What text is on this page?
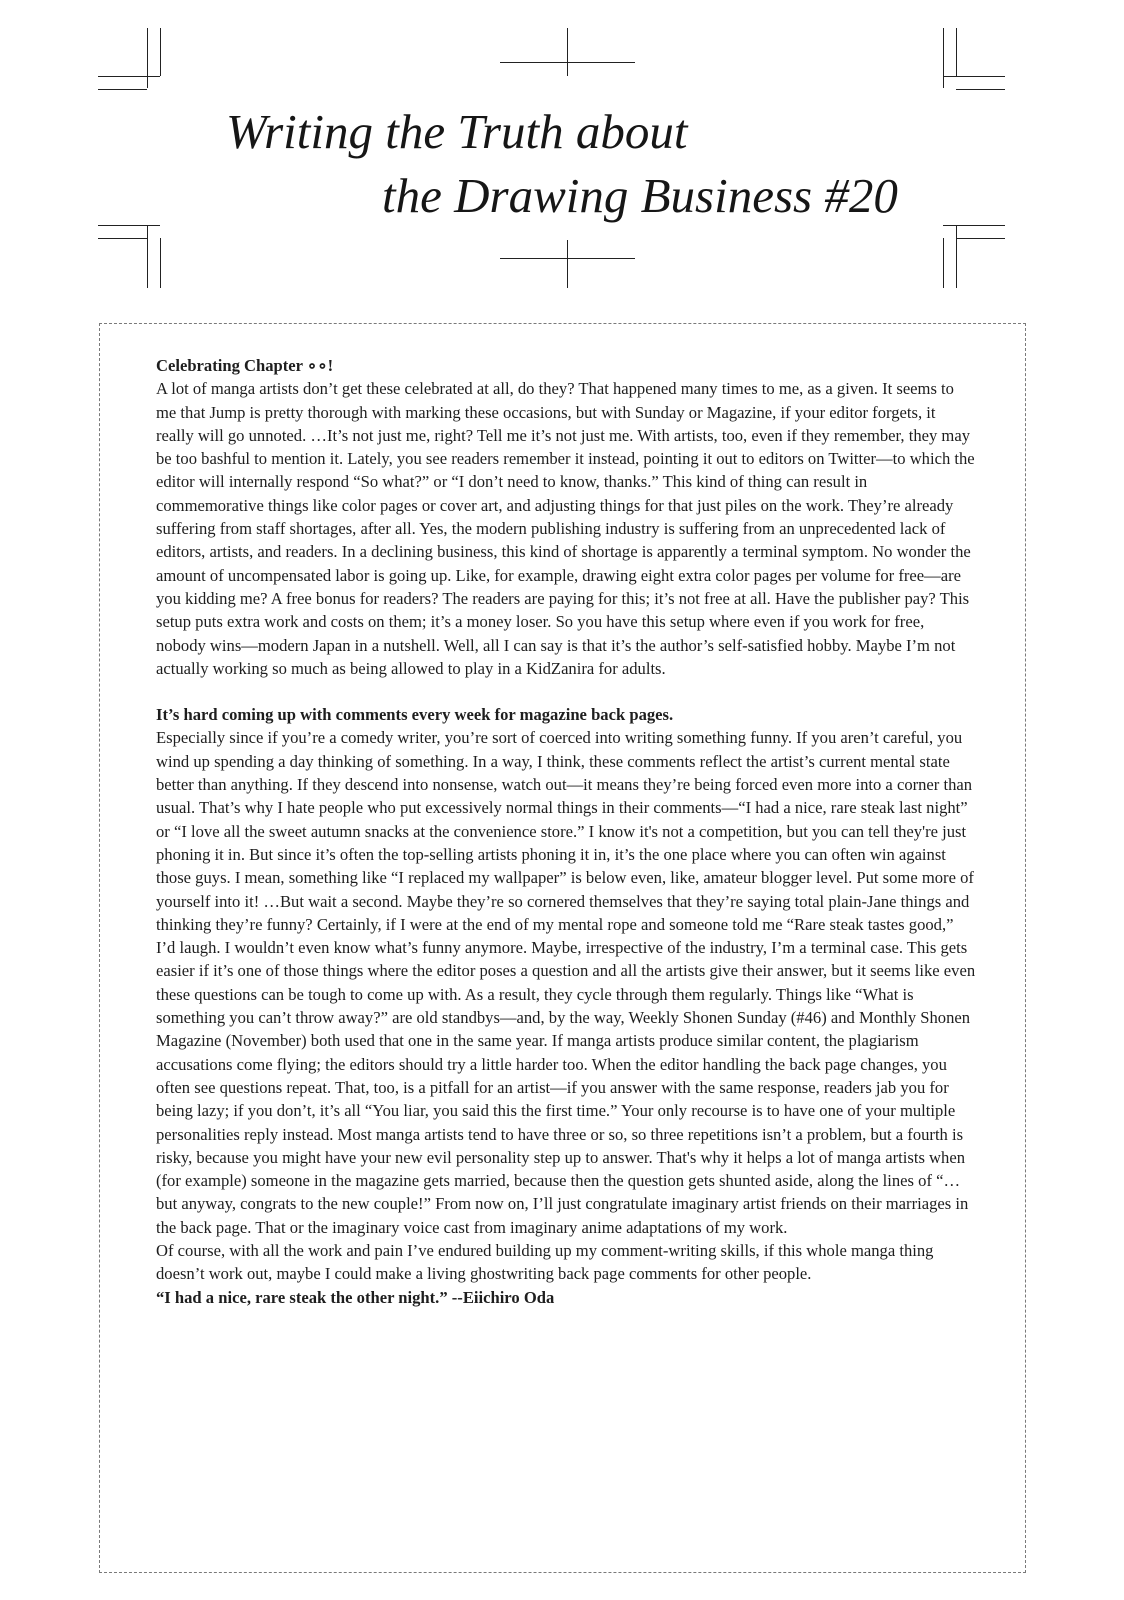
Writing the Truth about
the Drawing Business #20

Celebrating Chapter ∘∘!

A lot of manga artists don’t get these celebrated at all, do they? That happened many times to me, as a given. It seems to me that Jump is pretty thorough with marking these occasions, but with Sunday or Magazine, if your editor forgets, it really will go unnoted. …It’s not just me, right? Tell me it’s not just me. With artists, too, even if they remember, they may be too bashful to mention it. Lately, you see readers remember it instead, pointing it out to editors on Twitter—to which the editor will internally respond “So what?” or “I don’t need to know, thanks.” This kind of thing can result in commemorative things like color pages or cover art, and adjusting things for that just piles on the work. They’re already suffering from staff shortages, after all. Yes, the modern publishing industry is suffering from an unprecedented lack of editors, artists, and readers. In a declining business, this kind of shortage is apparently a terminal symptom. No wonder the amount of uncompensated labor is going up. Like, for example, drawing eight extra color pages per volume for free—are you kidding me? A free bonus for readers? The readers are paying for this; it’s not free at all. Have the publisher pay? This setup puts extra work and costs on them; it’s a money loser. So you have this setup where even if you work for free, nobody wins—modern Japan in a nutshell. Well, all I can say is that it’s the author’s self-satisfied hobby. Maybe I’m not actually working so much as being allowed to play in a KidZanira for adults.

It’s hard coming up with comments every week for magazine back pages.

Especially since if you’re a comedy writer, you’re sort of coerced into writing something funny. If you aren’t careful, you wind up spending a day thinking of something. In a way, I think, these comments reflect the artist’s current mental state better than anything. If they descend into nonsense, watch out—it means they’re being forced even more into a corner than usual. That’s why I hate people who put excessively normal things in their comments—“I had a nice, rare steak last night” or “I love all the sweet autumn snacks at the convenience store.” I know it's not a competition, but you can tell they're just phoning it in. But since it’s often the top-selling artists phoning it in, it’s the one place where you can often win against those guys. I mean, something like “I replaced my wallpaper” is below even, like, amateur blogger level. Put some more of yourself into it! …But wait a second. Maybe they’re so cornered themselves that they’re saying total plain-Jane things and thinking they’re funny? Certainly, if I were at the end of my mental rope and someone told me “Rare steak tastes good,” I’d laugh. I wouldn’t even know what’s funny anymore. Maybe, irrespective of the industry, I’m a terminal case. This gets easier if it’s one of those things where the editor poses a question and all the artists give their answer, but it seems like even these questions can be tough to come up with. As a result, they cycle through them regularly. Things like “What is something you can’t throw away?” are old standbys—and, by the way, Weekly Shonen Sunday (#46) and Monthly Shonen Magazine (November) both used that one in the same year. If manga artists produce similar content, the plagiarism accusations come flying; the editors should try a little harder too. When the editor handling the back page changes, you often see questions repeat. That, too, is a pitfall for an artist—if you answer with the same response, readers jab you for being lazy; if you don’t, it’s all “You liar, you said this the first time.” Your only recourse is to have one of your multiple personalities reply instead. Most manga artists tend to have three or so, so three repetitions isn’t a problem, but a fourth is risky, because you might have your new evil personality step up to answer. That's why it helps a lot of manga artists when (for example) someone in the magazine gets married, because then the question gets shunted aside, along the lines of “…but anyway, congrats to the new couple!” From now on, I’ll just congratulate imaginary artist friends on their marriages in the back page. That or the imaginary voice cast from imaginary anime adaptations of my work.

Of course, with all the work and pain I’ve endured building up my comment-writing skills, if this whole manga thing doesn’t work out, maybe I could make a living ghostwriting back page comments for other people.

“I had a nice, rare steak the other night.” --Eiichiro Oda
